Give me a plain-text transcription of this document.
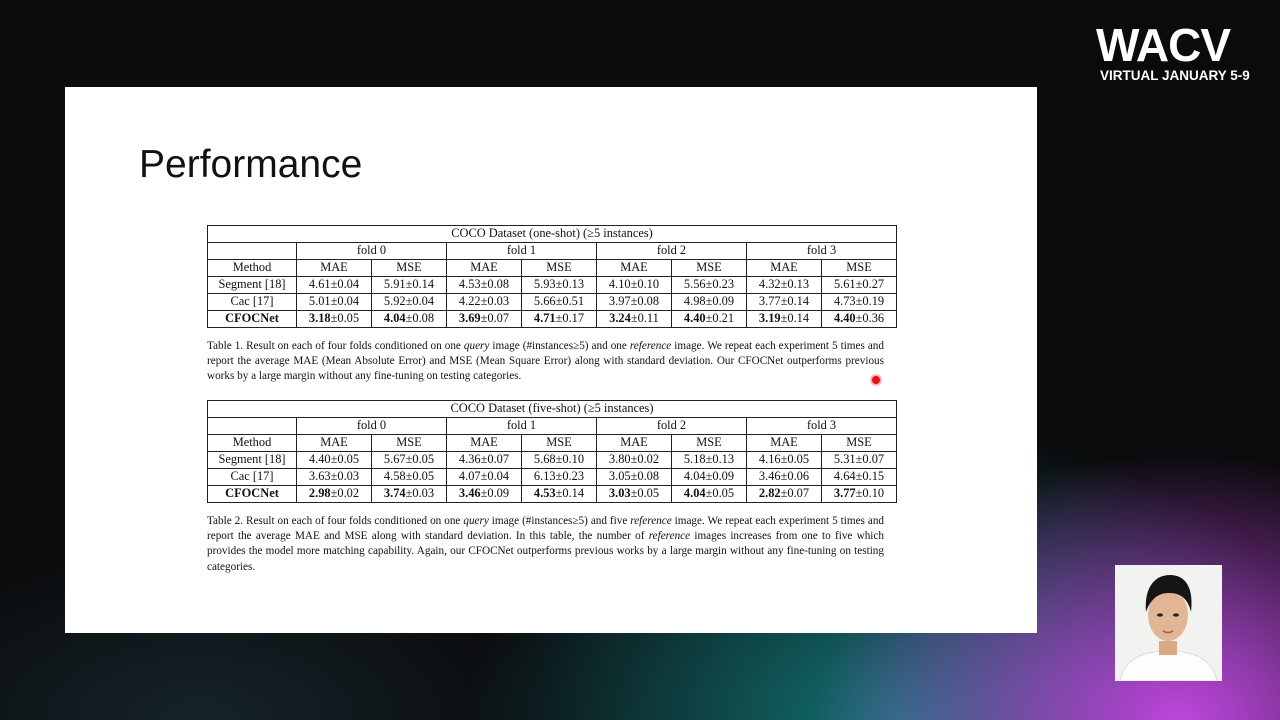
WACV
VIRTUAL JANUARY 5-9
Performance
COCO Dataset (one-shot) (≥5 instances)								
	fold 0		fold 1		fold 2		fold 3	
Method	MAE	MSE	MAE	MSE	MAE	MSE	MAE	MSE
Segment [18]	4.61±0.04	5.91±0.14	4.53±0.08	5.93±0.13	4.10±0.10	5.56±0.23	4.32±0.13	5.61±0.27
Cac [17]	5.01±0.04	5.92±0.04	4.22±0.03	5.66±0.51	3.97±0.08	4.98±0.09	3.77±0.14	4.73±0.19
CFOCNet	3.18±0.05	4.04±0.08	3.69±0.07	4.71±0.17	3.24±0.11	4.40±0.21	3.19±0.14	4.40±0.36
Table 1. Result on each of four folds conditioned on one query image (#instances≥5) and one reference image. We repeat each experiment 5 times and report the average MAE (Mean Absolute Error) and MSE (Mean Square Error) along with standard deviation. Our CFOCNet outperforms previous works by a large margin without any fine-tuning on testing categories.
COCO Dataset (five-shot) (≥5 instances)								
	fold 0		fold 1		fold 2		fold 3	
Method	MAE	MSE	MAE	MSE	MAE	MSE	MAE	MSE
Segment [18]	4.40±0.05	5.67±0.05	4.36±0.07	5.68±0.10	3.80±0.02	5.18±0.13	4.16±0.05	5.31±0.07
Cac [17]	3.63±0.03	4.58±0.05	4.07±0.04	6.13±0.23	3.05±0.08	4.04±0.09	3.46±0.06	4.64±0.15
CFOCNet	2.98±0.02	3.74±0.03	3.46±0.09	4.53±0.14	3.03±0.05	4.04±0.05	2.82±0.07	3.77±0.10
Table 2. Result on each of four folds conditioned on one query image (#instances≥5) and five reference image. We repeat each experiment 5 times and report the average MAE and MSE along with standard deviation. In this table, the number of reference images increases from one to five which provides the model more matching capability. Again, our CFOCNet outperforms previous works by a large margin without any fine-tuning on testing categories.
